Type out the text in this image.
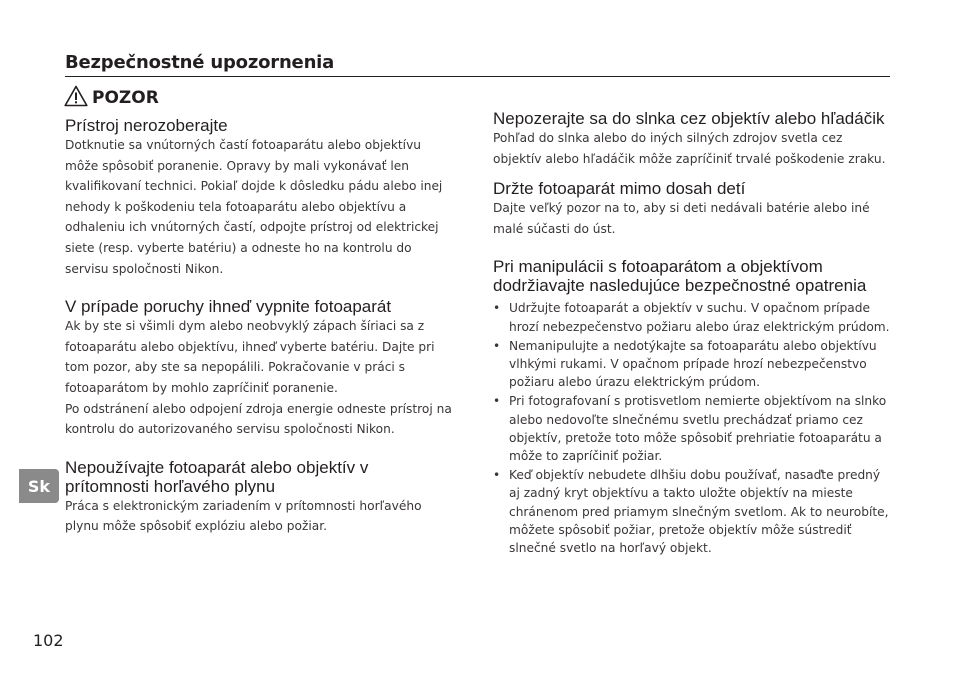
Bezpečnostné upozornenia
POZOR

Prístroj nerozoberajte

Dotknutie sa vnútorných častí fotoaparátu alebo objektívu môže spôsobiť poranenie. Opravy by mali vykonávať len kvalifikovaní technici. Pokiaľ dojde k dôsledku pádu alebo inej nehody k poškodeniu tela fotoaparátu alebo objektívu a odhaleniu ich vnútorných častí, odpojte prístroj od elektrickej siete (resp. vyberte batériu) a odneste ho na kontrolu do servisu spoločnosti Nikon.

V prípade poruchy ihneď vypnite fotoaparát

Ak by ste si všimli dym alebo neobvyklý zápach šíriaci sa z fotoaparátu alebo objektívu, ihneď vyberte batériu. Dajte pri tom pozor, aby ste sa nepopálili. Pokračovanie v práci s fotoaparátom by mohlo zapríčiniť poranenie.

Po odstránení alebo odpojení zdroja energie odneste prístroj na kontrolu do autorizovaného servisu spoločnosti Nikon.

Nepoužívajte fotoaparát alebo objektív v prítomnosti horľavého plynu

Práca s elektronickým zariadením v prítomnosti horľavého plynu môže spôsobiť explóziu alebo požiar.

Nepozerajte sa do slnka cez objektív alebo hľadáčik

Pohľad do slnka alebo do iných silných zdrojov svetla cez objektív alebo hľadáčik môže zapríčiniť trvalé poškodenie zraku.

Držte fotoaparát mimo dosah detí

Dajte veľký pozor na to, aby si deti nedávali batérie alebo iné malé súčasti do úst.

Pri manipulácii s fotoaparátom a objektívom dodržiavajte nasledujúce bezpečnostné opatrenia

• Udržujte fotoaparát a objektív v suchu. V opačnom prípade hrozí nebezpečenstvo požiaru alebo úraz elektrickým prúdom.
• Nemanipulujte a nedotýkajte sa fotoaparátu alebo objektívu vlhkými rukami. V opačnom prípade hrozí nebezpečenstvo požiaru alebo úrazu elektrickým prúdom.
• Pri fotografovaní s protisvetlom nemierte objektívom na slnko alebo nedovoľte slnečnému svetlu prechádzať priamo cez objektív, pretože toto môže spôsobiť prehriatie fotoaparátu a môže to zapríčiniť požiar.
• Keď objektív nebudete dlhšiu dobu používať, nasaďte predný aj zadný kryt objektívu a takto uložte objektív na mieste chránenom pred priamym slnečným svetlom. Ak to neurobíte, môžete spôsobiť požiar, pretože objektív môže sústrediť slnečné svetlo na horľavý objekt.
Sk
102
